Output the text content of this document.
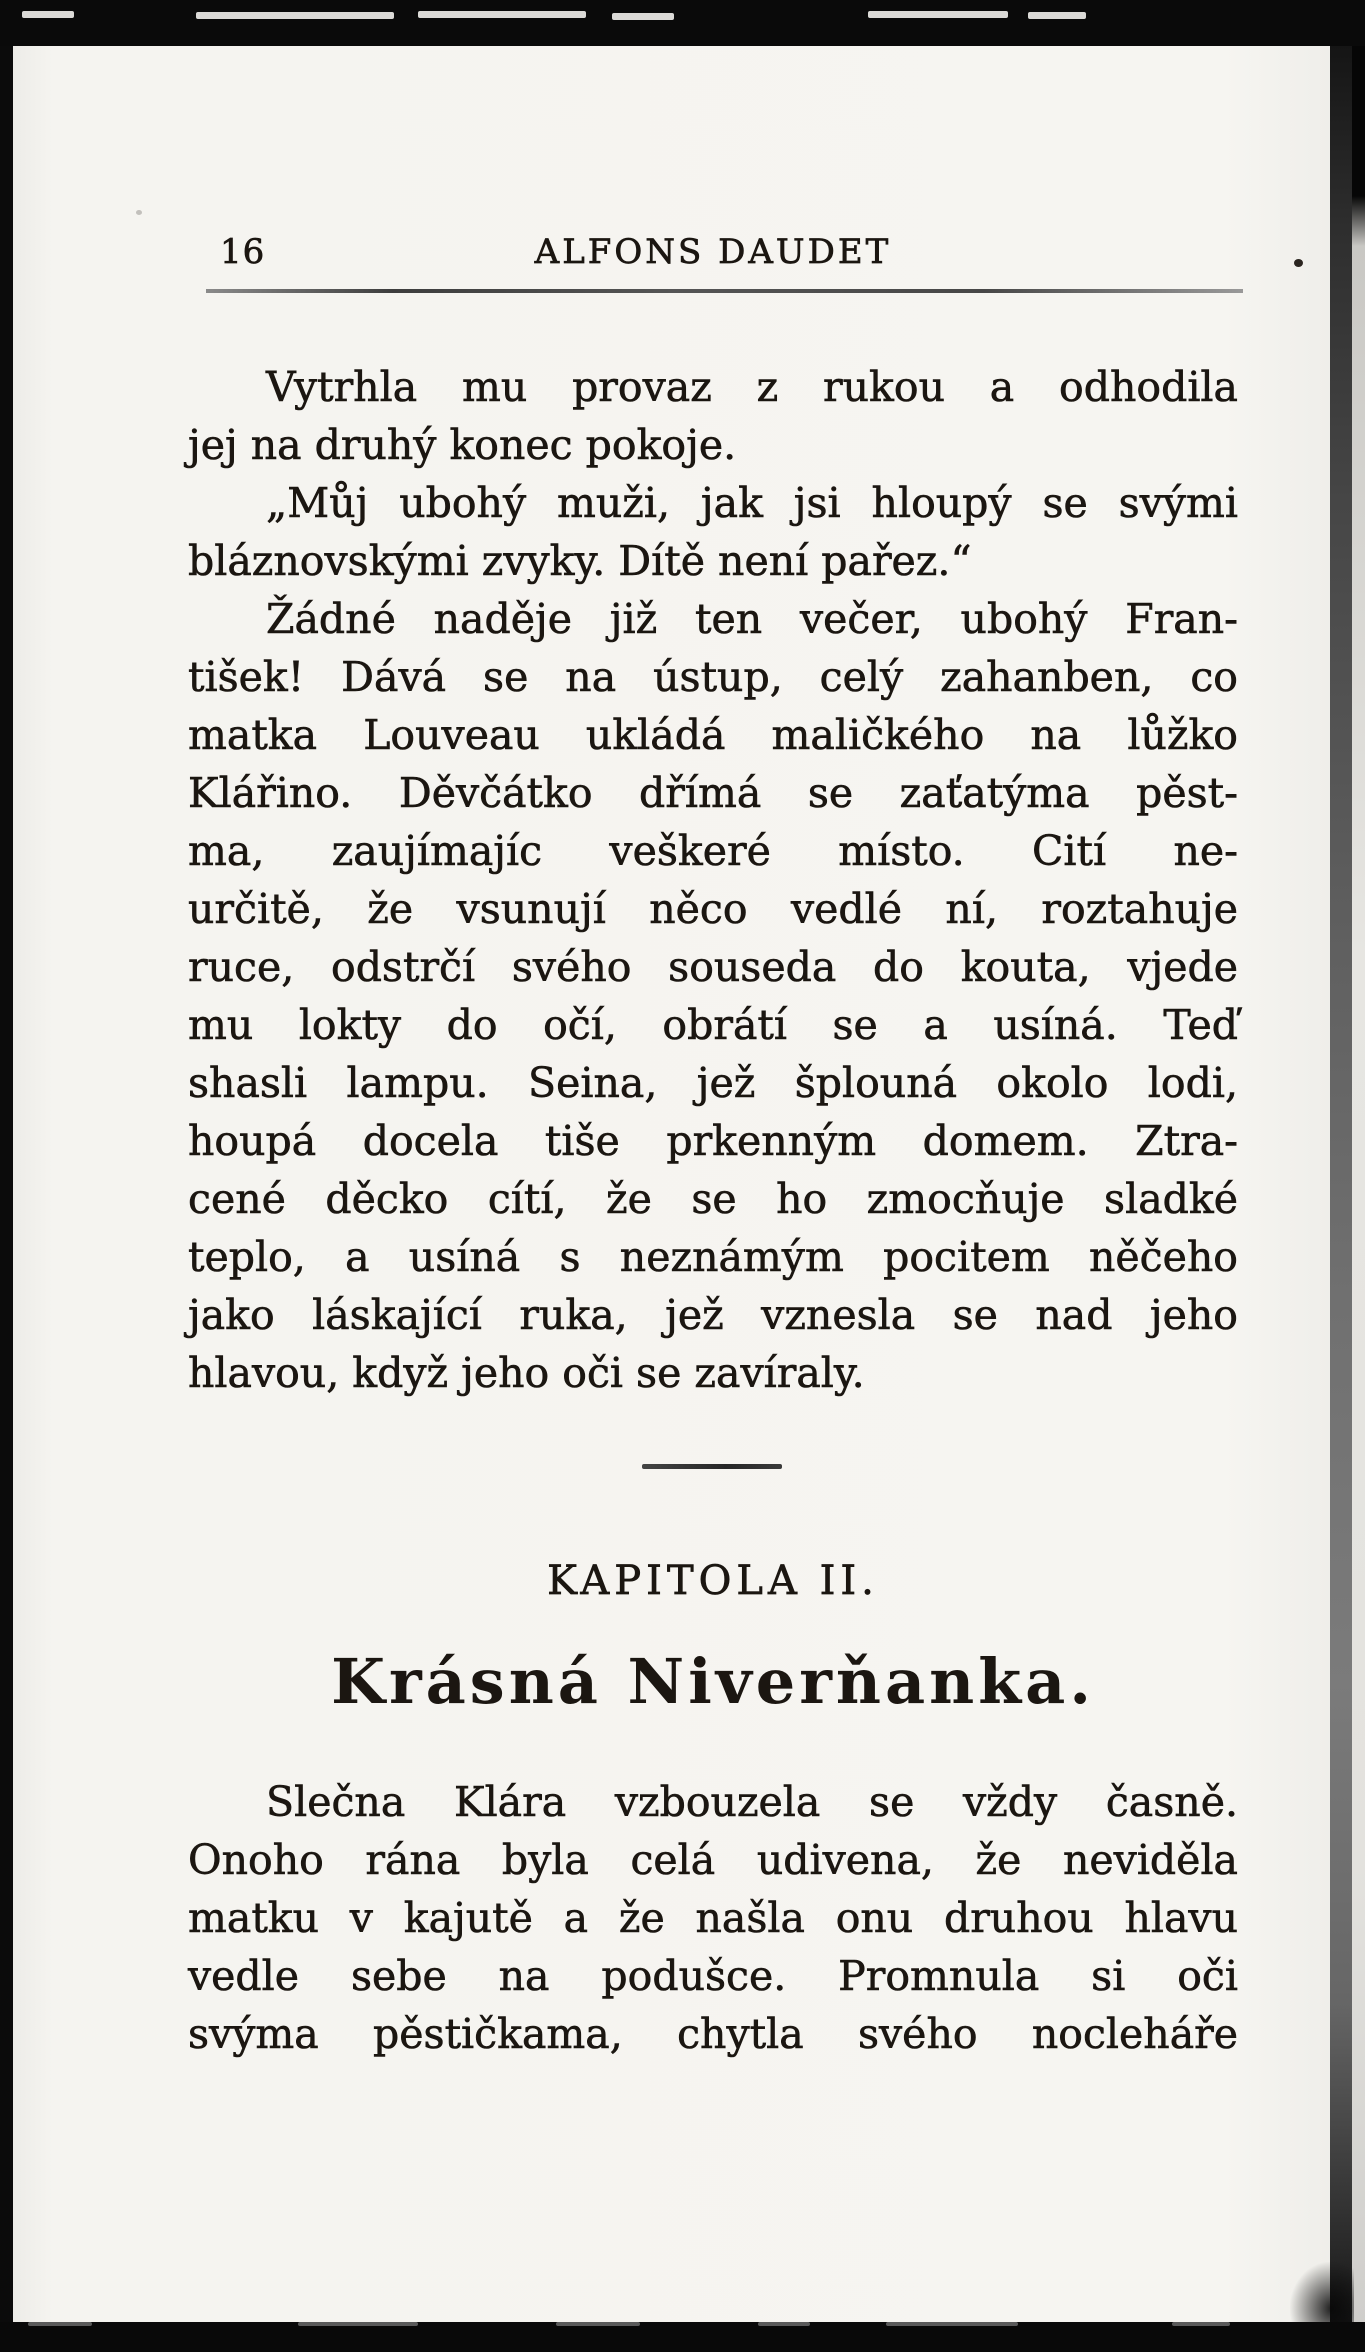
16	ALFONS DAUDET
Vytrhla mu provaz z rukou a odhodila
jej na druhý konec pokoje.
„Můj ubohý muži, jak jsi hloupý se svými
bláznovskými zvyky. Dítě není pařez.“
Žádné naděje již ten večer, ubohý Fran-
tišek! Dává se na ústup, celý zahanben, co
matka Louveau ukládá maličkého na lůžko
Klářino. Děvčátko dřímá se zaťatýma pěst-
ma, zaujímajíc veškeré místo. Cití ne-
určitě, že vsunují něco vedlé ní, roztahuje
ruce, odstrčí svého souseda do kouta, vjede
mu lokty do očí, obrátí se a usíná. Teď
shasli lampu. Seina, jež šplouná okolo lodi,
houpá docela tiše prkenným domem. Ztra-
cené děcko cítí, že se ho zmocňuje sladké
teplo, a usíná s neznámým pocitem něčeho
jako láskající ruka, jež vznesla se nad jeho
hlavou, když jeho oči se zavíraly.
KAPITOLA II.
Krásná Niverňanka.
Slečna Klára vzbouzela se vždy časně.
Onoho rána byla celá udivena, že neviděla
matku v kajutě a že našla onu druhou hlavu
vedle sebe na podušce. Promnula si oči
svýma pěstičkama, chytla svého nocleháře
